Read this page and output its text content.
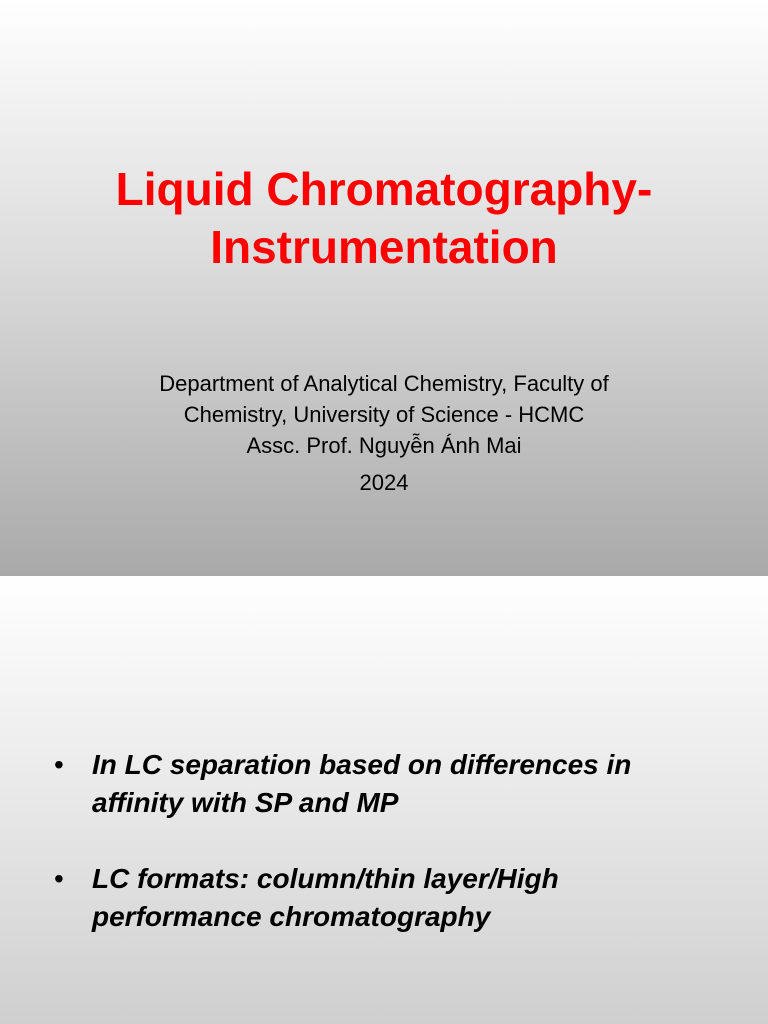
Liquid Chromatography-
Instrumentation
Department of Analytical Chemistry, Faculty of
Chemistry, University of Science - HCMC
Assc. Prof. Nguyễn Ánh Mai
2024
• In LC separation based on differences in
affinity with SP and MP
• LC formats: column/thin layer/High
performance chromatography
